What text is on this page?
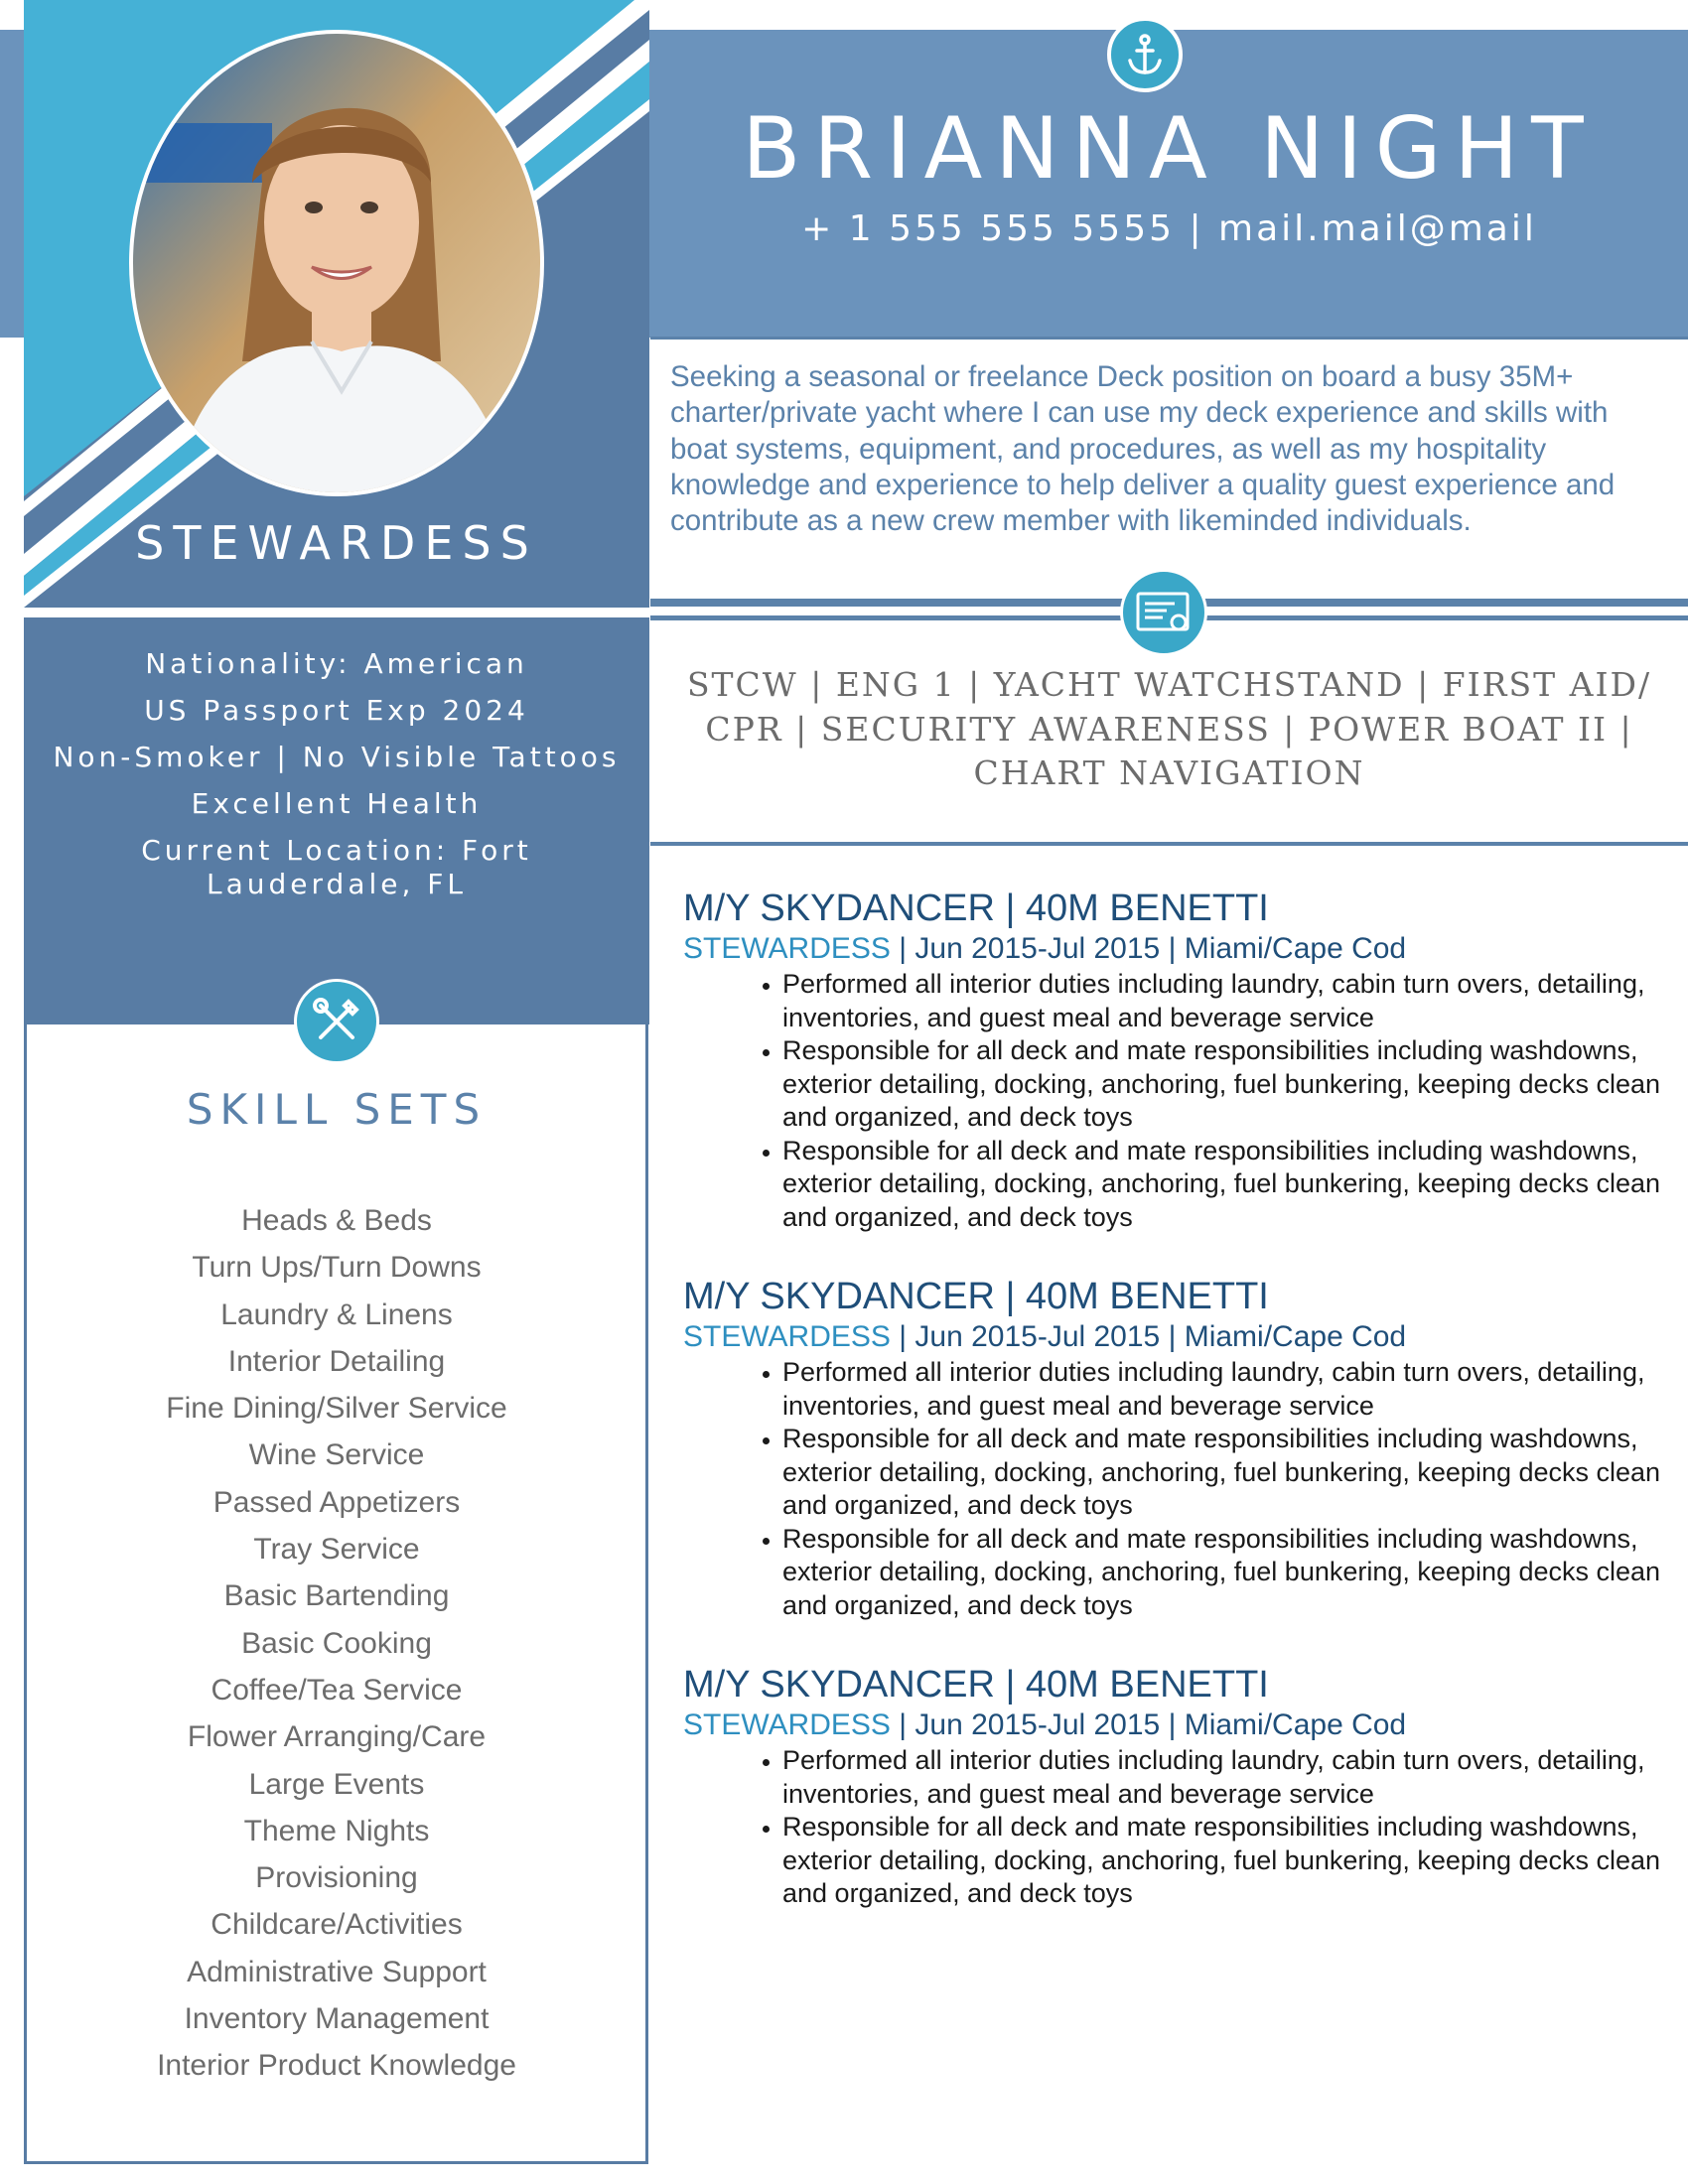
STEWARDESS
Nationality: American
US Passport Exp 2024
Non-Smoker | No Visible Tattoos
Excellent Health
Current Location: Fort Lauderdale, FL
SKILL SETS
Heads & Beds
Turn Ups/Turn Downs
Laundry & Linens
Interior Detailing
Fine Dining/Silver Service
Wine Service
Passed Appetizers
Tray Service
Basic Bartending
Basic Cooking
Coffee/Tea Service
Flower Arranging/Care
Large Events
Theme Nights
Provisioning
Childcare/Activities
Administrative Support
Inventory Management
Interior Product Knowledge
BRIANNA NIGHT
+ 1 555 555 5555 | mail.mail@mail
Seeking a seasonal or freelance Deck position on board a busy 35M+ charter/private yacht where I can use my deck experience and skills with boat systems, equipment, and procedures, as well as my hospitality knowledge and experience to help deliver a quality guest experience and contribute as a new crew member with likeminded individuals.
STCW | ENG 1 | YACHT WATCHSTAND | FIRST AID/ CPR | SECURITY AWARENESS | POWER BOAT II | CHART NAVIGATION
M/Y SKYDANCER | 40M BENETTI
STEWARDESS | Jun 2015-Jul 2015 | Miami/Cape Cod
• Performed all interior duties including laundry, cabin turn overs, detailing, inventories, and guest meal and beverage service
• Responsible for all deck and mate responsibilities including washdowns, exterior detailing, docking, anchoring, fuel bunkering, keeping decks clean and organized, and deck toys
• Responsible for all deck and mate responsibilities including washdowns, exterior detailing, docking, anchoring, fuel bunkering, keeping decks clean and organized, and deck toys
M/Y SKYDANCER | 40M BENETTI
STEWARDESS | Jun 2015-Jul 2015 | Miami/Cape Cod
• Performed all interior duties including laundry, cabin turn overs, detailing, inventories, and guest meal and beverage service
• Responsible for all deck and mate responsibilities including washdowns, exterior detailing, docking, anchoring, fuel bunkering, keeping decks clean and organized, and deck toys
• Responsible for all deck and mate responsibilities including washdowns, exterior detailing, docking, anchoring, fuel bunkering, keeping decks clean and organized, and deck toys
M/Y SKYDANCER | 40M BENETTI
STEWARDESS | Jun 2015-Jul 2015 | Miami/Cape Cod
• Performed all interior duties including laundry, cabin turn overs, detailing, inventories, and guest meal and beverage service
• Responsible for all deck and mate responsibilities including washdowns, exterior detailing, docking, anchoring, fuel bunkering, keeping decks clean and organized, and deck toys
